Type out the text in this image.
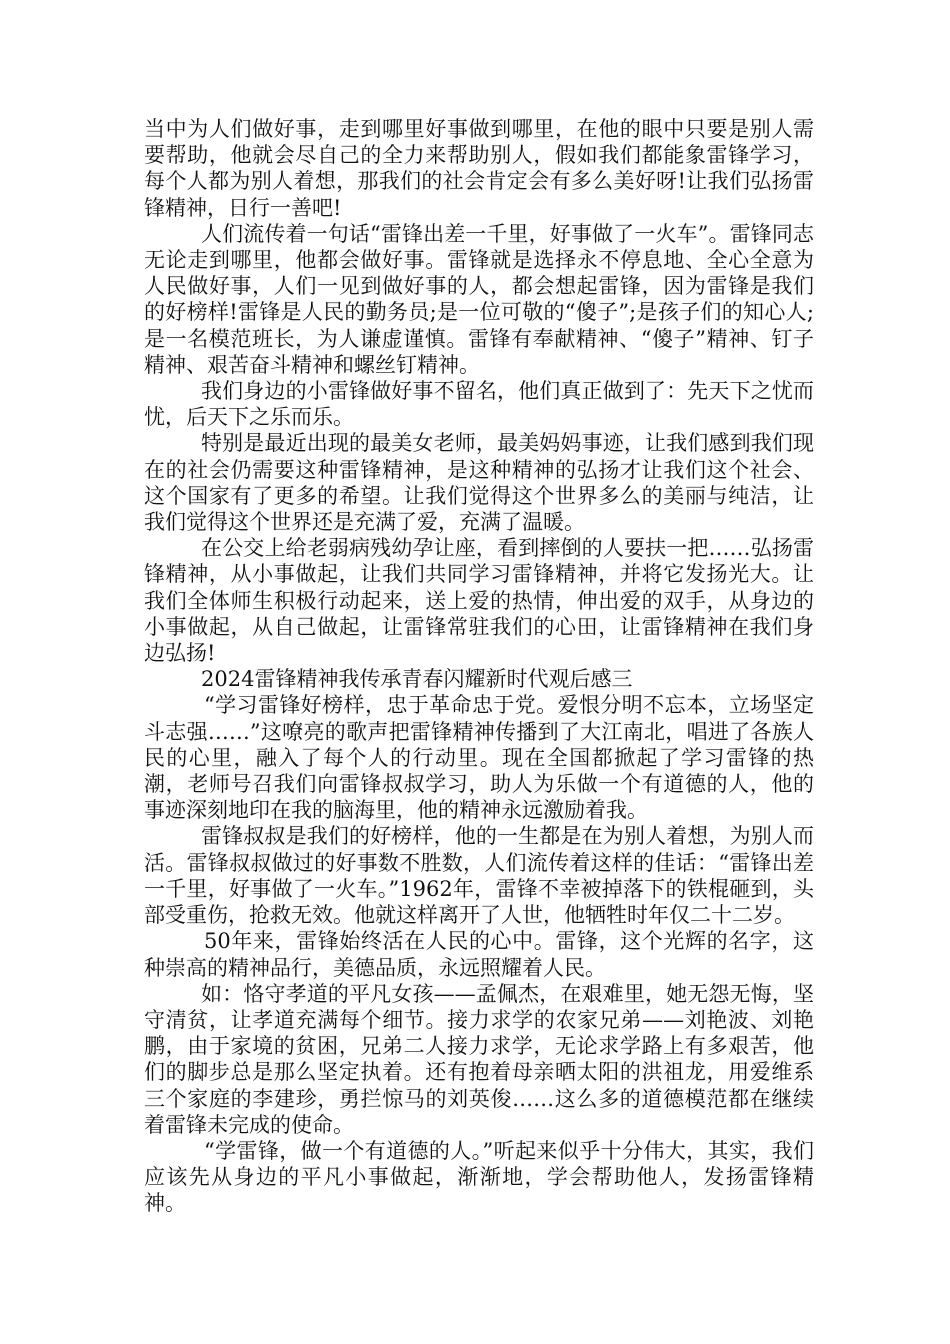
当中为人们做好事，走到哪里好事做到哪里，在他的眼中只要是别人需要帮助，他就会尽自己的全力来帮助别人，假如我们都能象雷锋学习，每个人都为别人着想，那我们的社会肯定会有多么美好呀!让我们弘扬雷锋精神，日行一善吧!

人们流传着一句话“雷锋出差一千里，好事做了一火车”。雷锋同志无论走到哪里，他都会做好事。雷锋就是选择永不停息地、全心全意为人民做好事，人们一见到做好事的人，都会想起雷锋，因为雷锋是我们的好榜样!雷锋是人民的勤务员;是一位可敬的“傻子”;是孩子们的知心人;是一名模范班长，为人谦虚谨慎。雷锋有奉献精神、“傻子”精神、钉子精神、艰苦奋斗精神和螺丝钉精神。

我们身边的小雷锋做好事不留名，他们真正做到了：先天下之忧而忧，后天下之乐而乐。

特别是最近出现的最美女老师，最美妈妈事迹，让我们感到我们现在的社会仍需要这种雷锋精神，是这种精神的弘扬才让我们这个社会、这个国家有了更多的希望。让我们觉得这个世界多么的美丽与纯洁，让我们觉得这个世界还是充满了爱，充满了温暖。

在公交上给老弱病残幼孕让座，看到摔倒的人要扶一把……弘扬雷锋精神，从小事做起，让我们共同学习雷锋精神，并将它发扬光大。让我们全体师生积极行动起来，送上爱的热情，伸出爱的双手，从身边的小事做起，从自己做起，让雷锋常驻我们的心田，让雷锋精神在我们身边弘扬!

2024雷锋精神我传承青春闪耀新时代观后感三

“学习雷锋好榜样，忠于革命忠于党。爱恨分明不忘本，立场坚定斗志强……”这嘹亮的歌声把雷锋精神传播到了大江南北，唱进了各族人民的心里，融入了每个人的行动里。现在全国都掀起了学习雷锋的热潮，老师号召我们向雷锋叔叔学习，助人为乐做一个有道德的人，他的事迹深刻地印在我的脑海里，他的精神永远激励着我。

雷锋叔叔是我们的好榜样，他的一生都是在为别人着想，为别人而活。雷锋叔叔做过的好事数不胜数，人们流传着这样的佳话：“雷锋出差一千里，好事做了一火车。”1962年，雷锋不幸被掉落下的铁棍砸到，头部受重伤，抢救无效。他就这样离开了人世，他牺牲时年仅二十二岁。

50年来，雷锋始终活在人民的心中。雷锋，这个光辉的名字，这种崇高的精神品行，美德品质，永远照耀着人民。

如：恪守孝道的平凡女孩——孟佩杰，在艰难里，她无怨无悔，坚守清贫，让孝道充满每个细节。接力求学的农家兄弟——刘艳波、刘艳鹏，由于家境的贫困，兄弟二人接力求学，无论求学路上有多艰苦，他们的脚步总是那么坚定执着。还有抱着母亲晒太阳的洪祖龙，用爱维系三个家庭的李建珍，勇拦惊马的刘英俊……这么多的道德模范都在继续着雷锋未完成的使命。

“学雷锋，做一个有道德的人。”听起来似乎十分伟大，其实，我们应该先从身边的平凡小事做起，渐渐地，学会帮助他人，发扬雷锋精神。
